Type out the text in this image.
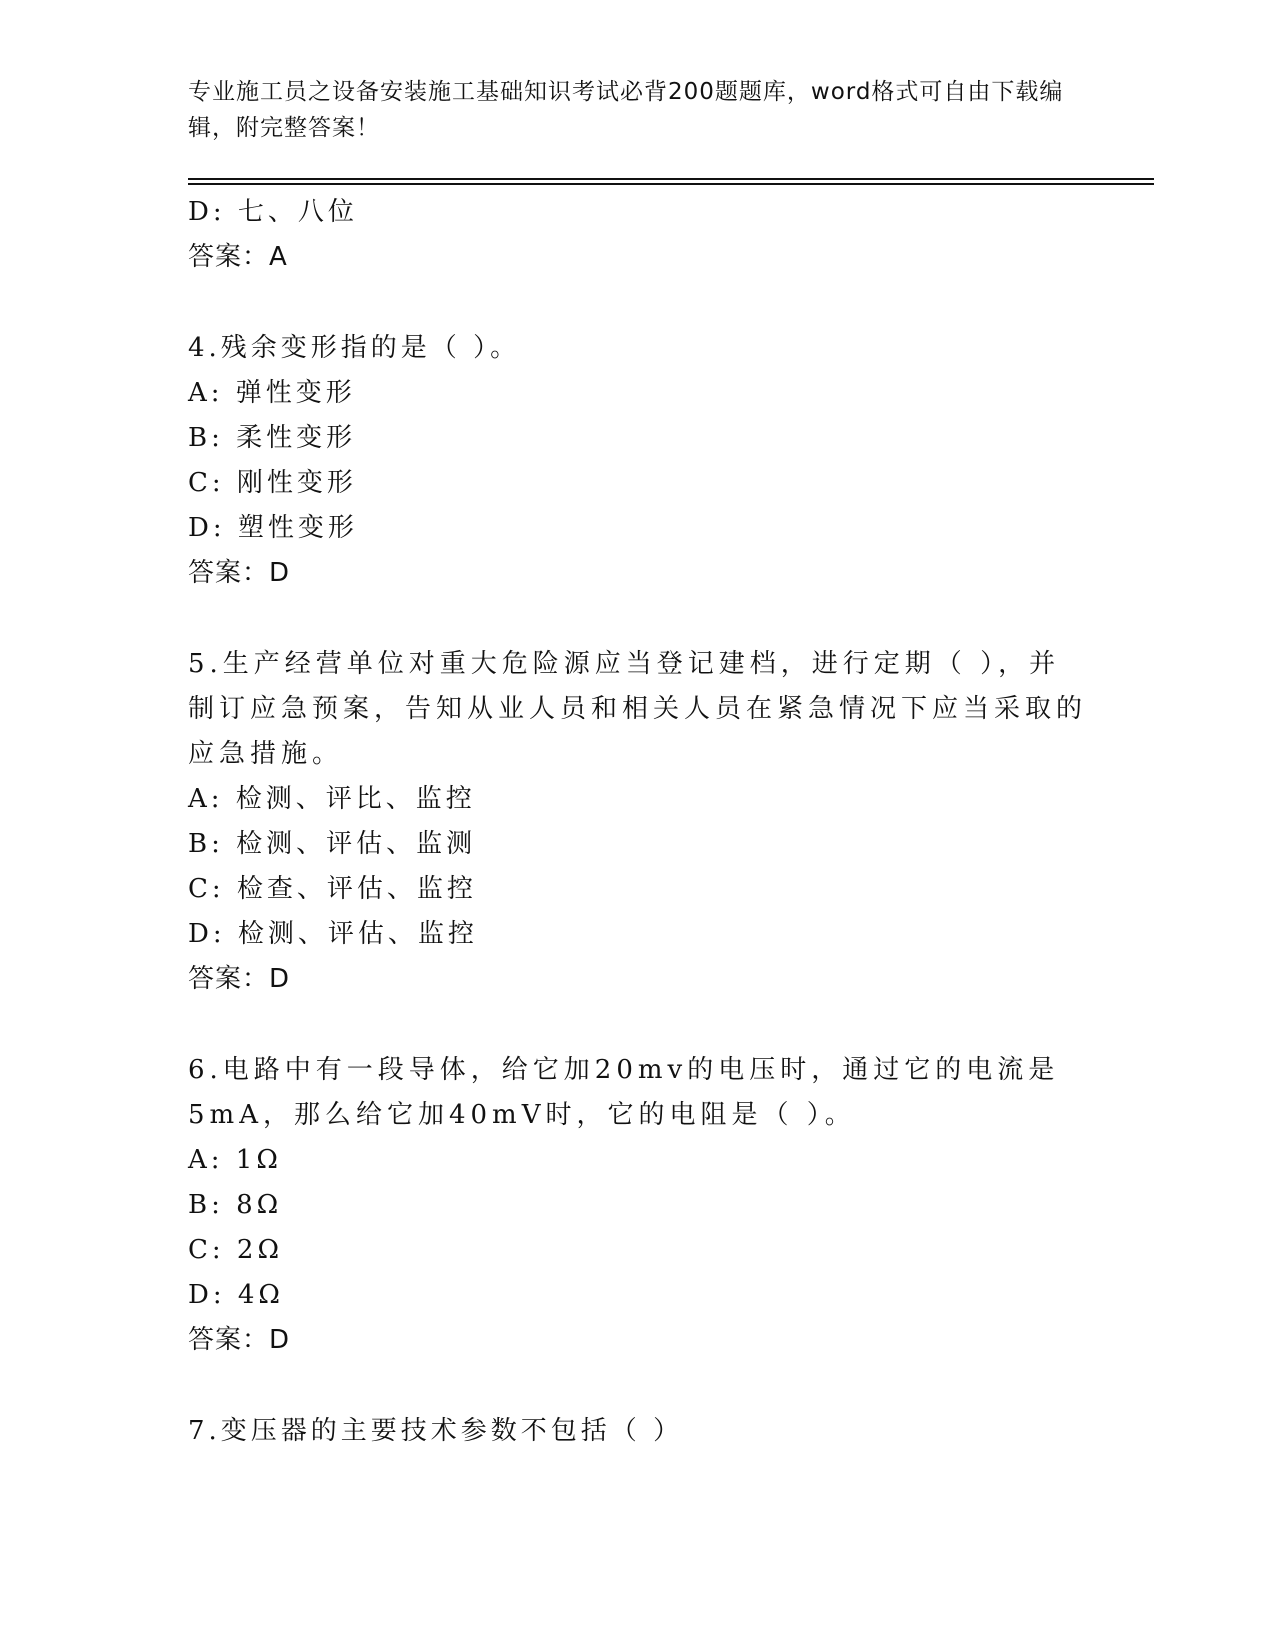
专业施工员之设备安装施工基础知识考试必背200题题库，word格式可自由下载编辑，附完整答案！
D: 七、八位
答案：A
4.残余变形指的是（ ）。
A: 弹性变形
B: 柔性变形
C: 刚性变形
D: 塑性变形
答案：D
5.生产经营单位对重大危险源应当登记建档，进行定期（ ），并制订应急预案，告知从业人员和相关人员在紧急情况下应当采取的应急措施。
A: 检测、评比、监控
B: 检测、评估、监测
C: 检查、评估、监控
D: 检测、评估、监控
答案：D
6.电路中有一段导体，给它加20mv的电压时，通过它的电流是5mA，那么给它加40mV时，它的电阻是（ ）。
A: 1Ω
B: 8Ω
C: 2Ω
D: 4Ω
答案：D
7.变压器的主要技术参数不包括（ ）
